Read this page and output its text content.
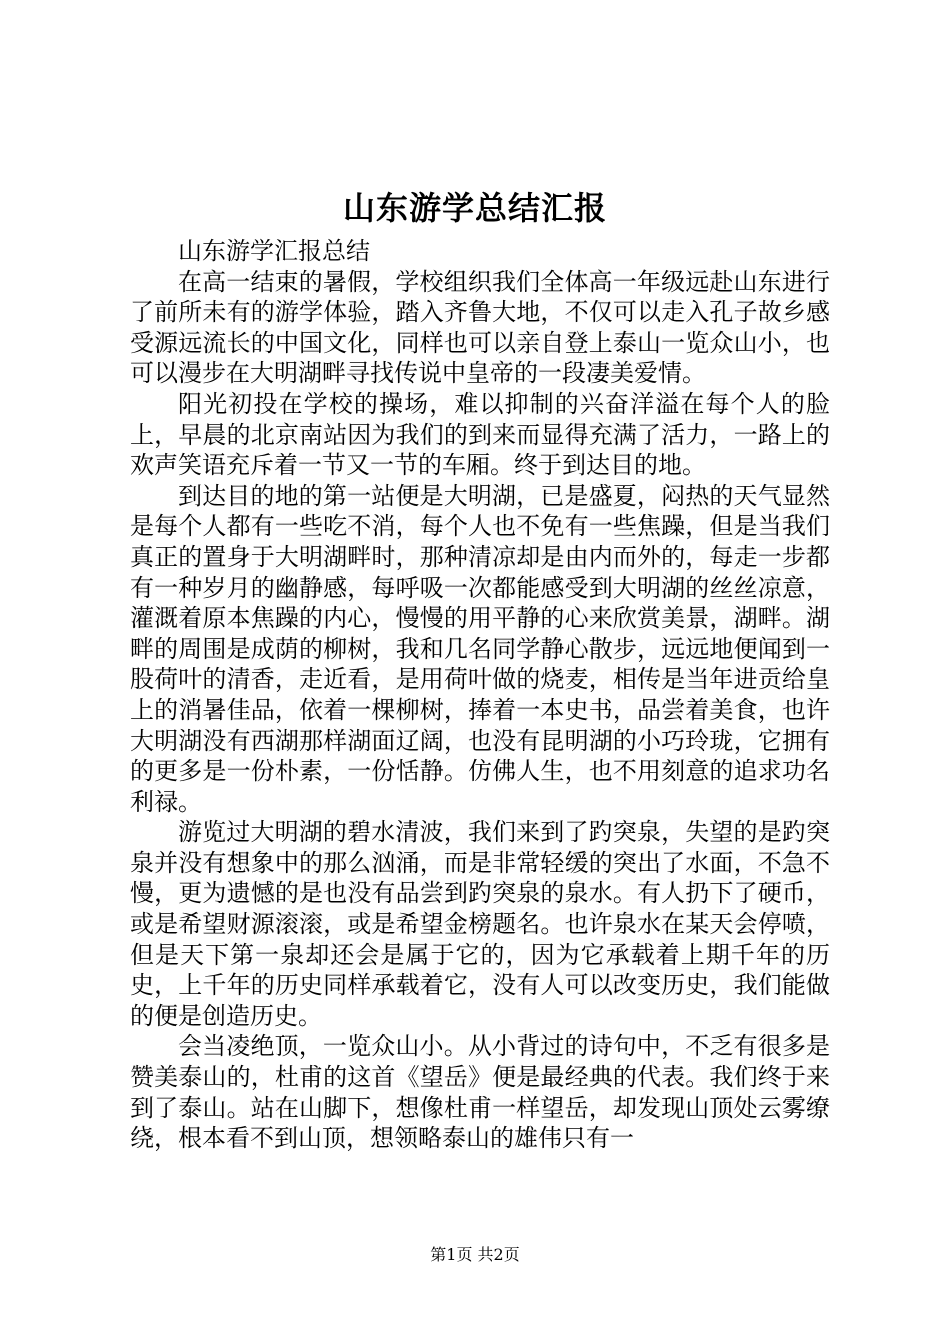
山东游学总结汇报

山东游学汇报总结

在高一结束的暑假，学校组织我们全体高一年级远赴山东进行了前所未有的游学体验，踏入齐鲁大地，不仅可以走入孔子故乡感受源远流长的中国文化，同样也可以亲自登上泰山一览众山小，也可以漫步在大明湖畔寻找传说中皇帝的一段凄美爱情。

阳光初投在学校的操场，难以抑制的兴奋洋溢在每个人的脸上，早晨的北京南站因为我们的到来而显得充满了活力，一路上的欢声笑语充斥着一节又一节的车厢。终于到达目的地。

到达目的地的第一站便是大明湖，已是盛夏，闷热的天气显然是每个人都有一些吃不消，每个人也不免有一些焦躁，但是当我们真正的置身于大明湖畔时，那种清凉却是由内而外的，每走一步都有一种岁月的幽静感，每呼吸一次都能感受到大明湖的丝丝凉意，灌溉着原本焦躁的内心，慢慢的用平静的心来欣赏美景，湖畔。湖畔的周围是成荫的柳树，我和几名同学静心散步，远远地便闻到一股荷叶的清香，走近看，是用荷叶做的烧麦，相传是当年进贡给皇上的消暑佳品，依着一棵柳树，捧着一本史书，品尝着美食，也许大明湖没有西湖那样湖面辽阔，也没有昆明湖的小巧玲珑，它拥有的更多是一份朴素，一份恬静。仿佛人生，也不用刻意的追求功名利禄。

游览过大明湖的碧水清波，我们来到了趵突泉，失望的是趵突泉并没有想象中的那么汹涌，而是非常轻缓的突出了水面，不急不慢，更为遗憾的是也没有品尝到趵突泉的泉水。有人扔下了硬币，或是希望财源滚滚，或是希望金榜题名。也许泉水在某天会停喷，但是天下第一泉却还会是属于它的，因为它承载着上期千年的历史，上千年的历史同样承载着它，没有人可以改变历史，我们能做的便是创造历史。

会当凌绝顶，一览众山小。从小背过的诗句中，不乏有很多是赞美泰山的，杜甫的这首《望岳》便是最经典的代表。我们终于来到了泰山。站在山脚下，想像杜甫一样望岳，却发现山顶处云雾缭绕，根本看不到山顶，想领略泰山的雄伟只有一

第1页 共2页
